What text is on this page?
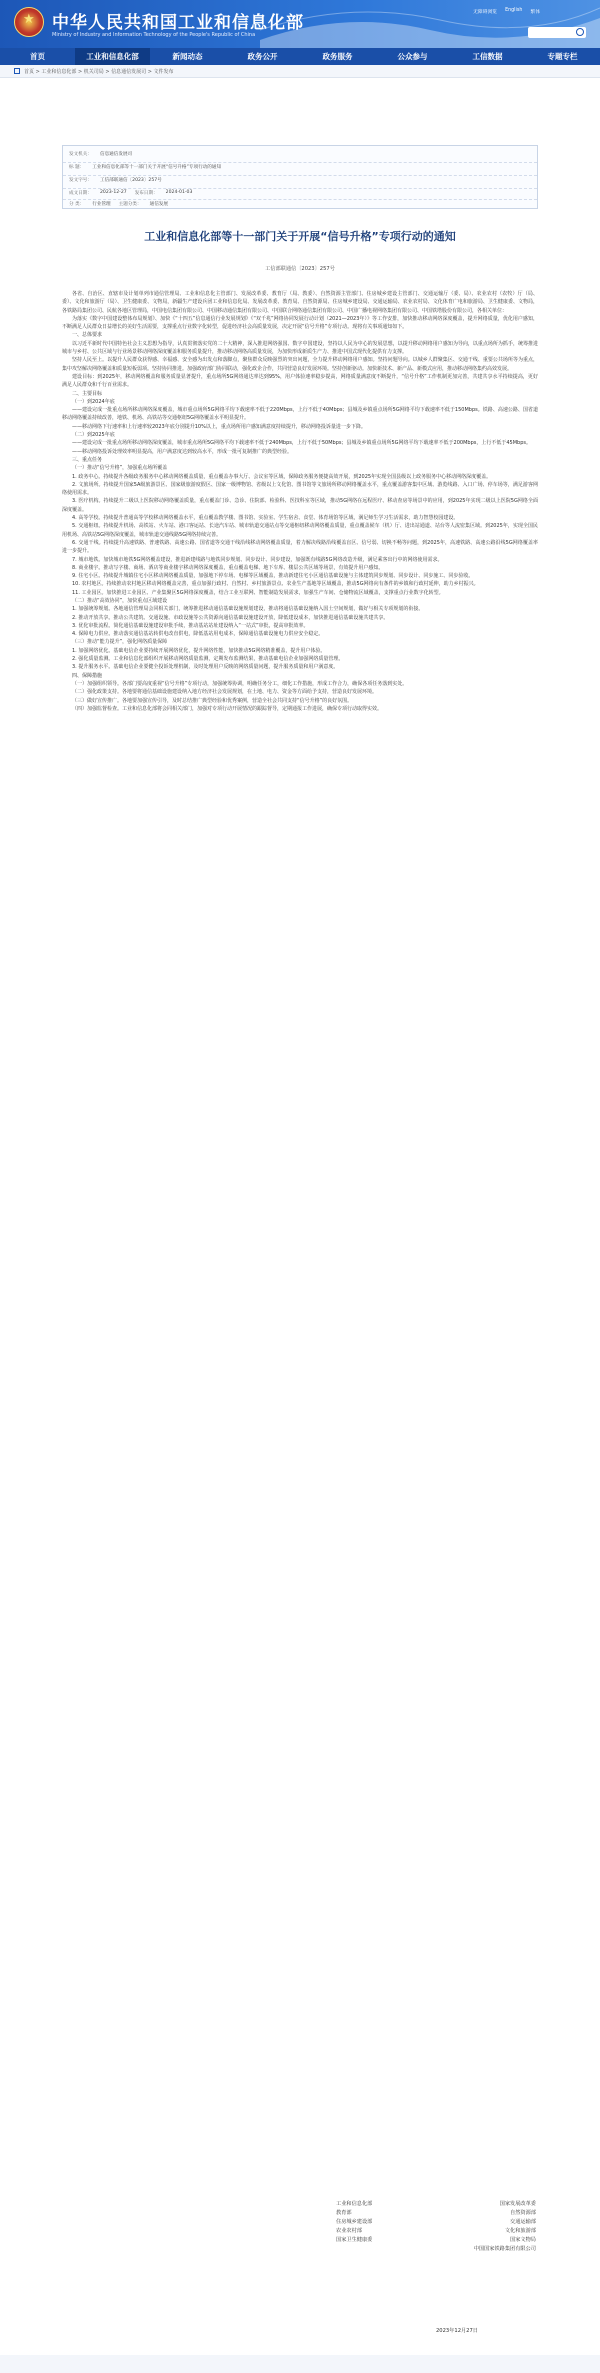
★ 中华人民共和国工业和信息化部
Ministry of Industry and Information Technology of the People's Republic of China
无障碍浏览 English 繁体
首页	工业和信息化部	新闻动态	政务公开	政务服务	公众参与	工信数据	专题专栏
首页 > 工业和信息化部 > 机关司局 > 信息通信发展司 > 文件发布
发文机关： 信息通信发展司
标 题： 工业和信息化部等十一部门关于开展“信号升格”专项行动的通知
发文字号： 工信部联通信〔2023〕257号
成文日期： 2023-12-27 发布日期： 2024-01-03
分 类： 行业管理 主题分类： 通信发展
工业和信息化部等十一部门关于开展“信号升格”专项行动的通知
工信部联通信〔2023〕257号

各省、自治区、直辖市及计划单列市通信管理局、工业和信息化主管部门、发展改革委、教育厅（局、教委）、自然资源主管部门、住房城乡建设主管部门、交通运输厅（委、局）、农业农村（农牧）厅（局、委）、文化和旅游厅（局）、卫生健康委、文物局，新疆生产建设兵团工业和信息化局、发展改革委、教育局、自然资源局、住房城乡建设局、交通运输局、农业农村局、文化体育广电和旅游局、卫生健康委、文物局，各铁路局集团公司、民航各地区管理局，中国电信集团有限公司、中国移动通信集团有限公司、中国联合网络通信集团有限公司、中国广播电视网络集团有限公司、中国铁塔股份有限公司，各相关单位：

为落实《数字中国建设整体布局规划》、加快《“十四五”信息通信行业发展规划》《“双千兆”网络协同发展行动计划（2021—2023年）》等工作安排，加快推动移动网络深度覆盖，提升网络质量，优化用户感知，不断满足人民群众日益增长的美好生活需要，支撑重点行业数字化转型，促进经济社会高质量发展，决定开展“信号升格”专项行动。现将有关事项通知如下。

一、总体要求

以习近平新时代中国特色社会主义思想为指导，认真贯彻落实党的二十大精神，深入推进网络强国、数字中国建设，坚持以人民为中心的发展思想，以提升移动网络用户感知为导向，以重点场所为抓手，统筹推进城市与乡村、公共区域与行业场景移动网络深度覆盖和服务质量提升，推动移动网络高质量发展，为加快形成新质生产力、推进中国式现代化提供有力支撑。

坚持人民至上。以提升人民群众获得感、幸福感、安全感为出发点和落脚点，聚焦群众反映强烈的突出问题，全力提升移动网络用户感知。坚持问题导向。以城乡人群聚集区、交通干线、重要公共场所等为重点，集中攻坚解决网络覆盖和质量短板弱项。坚持协同推进。加强政府部门协同联动，强化政企合作，共同营造良好发展环境。坚持创新驱动。加快新技术、新产品、新模式应用，推动移动网络集约高效发展。

建设目标：到2025年，移动网络覆盖和服务质量显著提升，重点场所5G网络通达率达到95%，用户体验速率稳步提高，网络质量满意度不断提升，“信号升格”工作机制更加完善，共建共享水平持续提高，更好满足人民群众和千行百业需求。

二、主要目标

（一）到2024年底

——建设完成一批重点场所移动网络深度覆盖，城市重点场所5G网络平均下载速率不低于220Mbps，上行不低于40Mbps；县城及乡镇重点场所5G网络平均下载速率不低于150Mbps。铁路、高速公路、国省道移动网络覆盖持续改善，地铁、机场、高铁站等交通枢纽5G网络覆盖水平明显提升。

——移动网络下行速率和上行速率较2023年底分别提升10%以上，重点场所用户感知满意度持续提升，移动网络投诉量进一步下降。

（二）到2025年底

——建设完成一批重点场所移动网络深度覆盖，城市重点场所5G网络平均下载速率不低于240Mbps，上行不低于50Mbps；县城及乡镇重点场所5G网络平均下载速率不低于200Mbps，上行不低于45Mbps。

——移动网络投诉处理效率明显提高，用户满意度达到较高水平，形成一批可复制推广的典型经验。

三、重点任务

（一）推动“信号升格”，加强重点场所覆盖

1. 政务中心。持续提升各级政务服务中心移动网络覆盖质量，重点覆盖办事大厅、会议室等区域，保障政务服务便捷高效开展，到2025年实现全国县级以上政务服务中心移动网络深度覆盖。

2. 文旅场所。持续提升国家5A级旅游景区、国家级旅游度假区、国家一级博物馆、省级以上文化馆、图书馆等文旅场所移动网络覆盖水平，重点覆盖游客集中区域、游览线路、入口广场、停车场等，满足游客网络使用需求。

3. 医疗机构。持续提升二级以上医院移动网络覆盖质量，重点覆盖门诊、急诊、住院部、检验科、医技科室等区域，推动5G网络在远程医疗、移动查房等场景中的应用，到2025年实现二级以上医院5G网络全面深度覆盖。

4. 高等学校。持续提升普通高等学校移动网络覆盖水平，重点覆盖教学楼、图书馆、实验室、学生宿舍、食堂、体育场馆等区域，满足师生学习生活需求，助力智慧校园建设。

5. 交通枢纽。持续提升机场、高铁站、火车站、港口客运站、长途汽车站、城市轨道交通站点等交通枢纽移动网络覆盖质量，重点覆盖候车（机）厅、进出站通道、站台等人流密集区域。到2025年，实现全国民用机场、高铁站5G网络深度覆盖，城市轨道交通线路5G网络持续完善。

6. 交通干线。持续提升高速铁路、普速铁路、高速公路、国省道等交通干线沿线移动网络覆盖质量，着力解决线路沿线覆盖盲区、信号弱、切换不畅等问题，到2025年，高速铁路、高速公路沿线5G网络覆盖率进一步提升。

7. 城市地铁。加快城市地铁5G网络覆盖建设，推进新建线路与地铁同步规划、同步设计、同步建设，加强既有线路5G网络改造升级，满足乘客出行中的网络使用需求。

8. 商业楼宇。推动写字楼、商场、酒店等商业楼宇移动网络深度覆盖，重点覆盖电梯、地下车库、楼层公共区域等场景，有效提升用户感知。

9. 住宅小区。持续提升城镇住宅小区移动网络覆盖质量，加强地下停车场、电梯等区域覆盖，推动新建住宅小区通信基础设施与主体建筑同步规划、同步设计、同步施工、同步验收。

10. 农村地区。持续推动农村地区移动网络覆盖完善，重点加强行政村、自然村、乡村旅游景点、农业生产基地等区域覆盖，推动5G网络向有条件的乡镇和行政村延伸，助力乡村振兴。

11. 工业园区。加快推进工业园区、产业集聚区5G网络深度覆盖，结合工业互联网、智能制造发展需求，加强生产车间、仓储物流区域覆盖，支撑重点行业数字化转型。

（二）推动“高效协同”，加快重点区域建设

1. 加强统筹规划。各地通信管理局会同相关部门，统筹推进移动通信基础设施规划建设，推动将通信基础设施纳入国土空间规划，做好与相关专项规划的衔接。

2. 推动开放共享。推动公共建筑、交通设施、市政设施等公共资源向通信基础设施建设开放，降低建设成本，加快推进通信基础设施共建共享。

3. 优化审批流程。简化通信基础设施建设审批手续，推动基站站址建设纳入“一站式”审批，提高审批效率。

4. 保障电力供应。推动落实通信基站转供电改直供电，降低基站用电成本，保障通信基础设施电力供应安全稳定。

（三）推动“能力提升”，强化网络质量保障

1. 加强网络优化。基础电信企业要持续开展网络优化，提升网络性能，加快推动5G网络精准覆盖，提升用户体验。

2. 强化质量监测。工业和信息化部组织开展移动网络质量监测，定期发布监测结果，推动基础电信企业加强网络质量管理。

3. 提升服务水平。基础电信企业要健全投诉处理机制，及时处理用户反映的网络质量问题，提升服务质量和用户满意度。

四、保障措施

（一）加强组织领导。各部门要高度重视“信号升格”专项行动，加强统筹协调，明确任务分工，细化工作措施，形成工作合力，确保各项任务落到实处。

（二）强化政策支持。各地要将通信基础设施建设纳入地方经济社会发展规划，在土地、电力、资金等方面给予支持，营造良好发展环境。

（三）做好宣传推广。各地要加强宣传引导，及时总结推广典型经验和优秀案例，营造全社会共同支持“信号升格”的良好氛围。

（四）加强监督检查。工业和信息化部将会同相关部门，加强对专项行动开展情况的跟踪督导，定期通报工作进展，确保专项行动取得实效。

工业和信息化部	国家发展改革委
教育部	自然资源部
住房城乡建设部	交通运输部
农业农村部	文化和旅游部
国家卫生健康委	国家文物局
中国国家铁路集团有限公司
2023年12月27日
